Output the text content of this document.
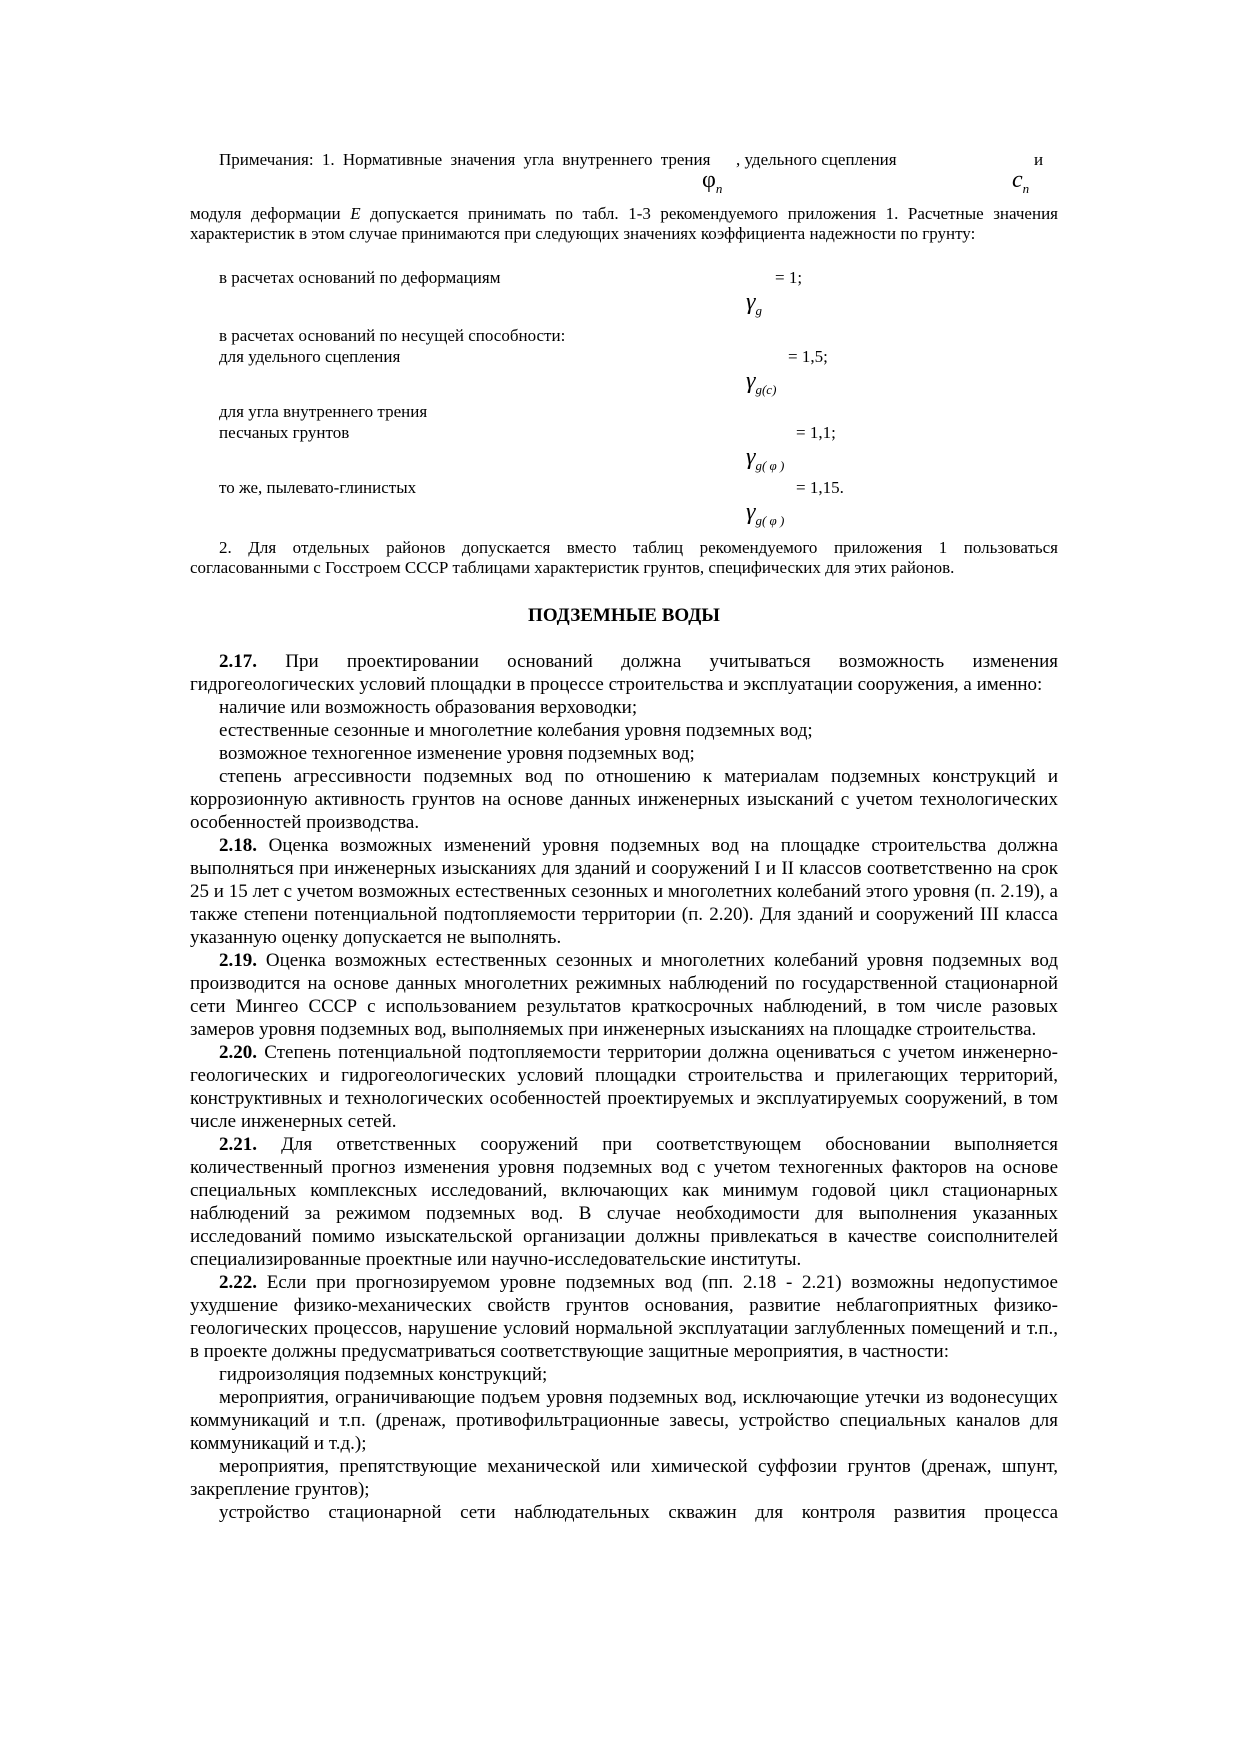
Примечания: 1. Нормативные значения угла внутреннего трения , удельного сцепления	и
$\varphi_n$	$c_n$

модуля деформации E допускается принимать по табл. 1-3 рекомендуемого приложения 1. Расчетные значения характеристик в этом случае принимаются при следующих значениях коэффициента надежности по грунту:

в расчетах оснований по деформациям	= 1;
$\gamma_g$
в расчетах оснований по несущей способности:
для удельного сцепления	= 1,5;
$\gamma_{g(c)}$
для угла внутреннего трения
песчаных грунтов	= 1,1;
$\gamma_{g( \varphi )}$
то же, пылевато-глинистых	= 1,15.
$\gamma_{g( \varphi )}$

2. Для отдельных районов допускается вместо таблиц рекомендуемого приложения 1 пользоваться согласованными с Госстроем СССР таблицами характеристик грунтов, специфических для этих районов.

ПОДЗЕМНЫЕ ВОДЫ

2.17. При проектировании оснований должна учитываться возможность изменения гидрогеологических условий площадки в процессе строительства и эксплуатации сооружения, а именно:

наличие или возможность образования верховодки;

естественные сезонные и многолетние колебания уровня подземных вод;

возможное техногенное изменение уровня подземных вод;

степень агрессивности подземных вод по отношению к материалам подземных конструкций и коррозионную активность грунтов на основе данных инженерных изысканий с учетом технологических особенностей производства.

2.18. Оценка возможных изменений уровня подземных вод на площадке строительства должна выполняться при инженерных изысканиях для зданий и сооружений I и II классов соответственно на срок 25 и 15 лет с учетом возможных естественных сезонных и многолетних колебаний этого уровня (п. 2.19), а также степени потенциальной подтопляемости территории (п. 2.20). Для зданий и сооружений III класса указанную оценку допускается не выполнять.

2.19. Оценка возможных естественных сезонных и многолетних колебаний уровня подземных вод производится на основе данных многолетних режимных наблюдений по государственной стационарной сети Мингео СССР с использованием результатов краткосрочных наблюдений, в том числе разовых замеров уровня подземных вод, выполняемых при инженерных изысканиях на площадке строительства.

2.20. Степень потенциальной подтопляемости территории должна оцениваться с учетом инженерно-геологических и гидрогеологических условий площадки строительства и прилегающих территорий, конструктивных и технологических особенностей проектируемых и эксплуатируемых сооружений, в том числе инженерных сетей.

2.21. Для ответственных сооружений при соответствующем обосновании выполняется количественный прогноз изменения уровня подземных вод с учетом техногенных факторов на основе специальных комплексных исследований, включающих как минимум годовой цикл стационарных наблюдений за режимом подземных вод. В случае необходимости для выполнения указанных исследований помимо изыскательской организации должны привлекаться в качестве соисполнителей специализированные проектные или научно-исследовательские институты.

2.22. Если при прогнозируемом уровне подземных вод (пп. 2.18 - 2.21) возможны недопустимое ухудшение физико-механических свойств грунтов основания, развитие неблагоприятных физико-геологических процессов, нарушение условий нормальной эксплуатации заглубленных помещений и т.п., в проекте должны предусматриваться соответствующие защитные мероприятия, в частности:

гидроизоляция подземных конструкций;

мероприятия, ограничивающие подъем уровня подземных вод, исключающие утечки из водонесущих коммуникаций и т.п. (дренаж, противофильтрационные завесы, устройство специальных каналов для коммуникаций и т.д.);

мероприятия, препятствующие механической или химической суффозии грунтов (дренаж, шпунт, закрепление грунтов);

устройство стационарной сети наблюдательных скважин для контроля развития процесса
